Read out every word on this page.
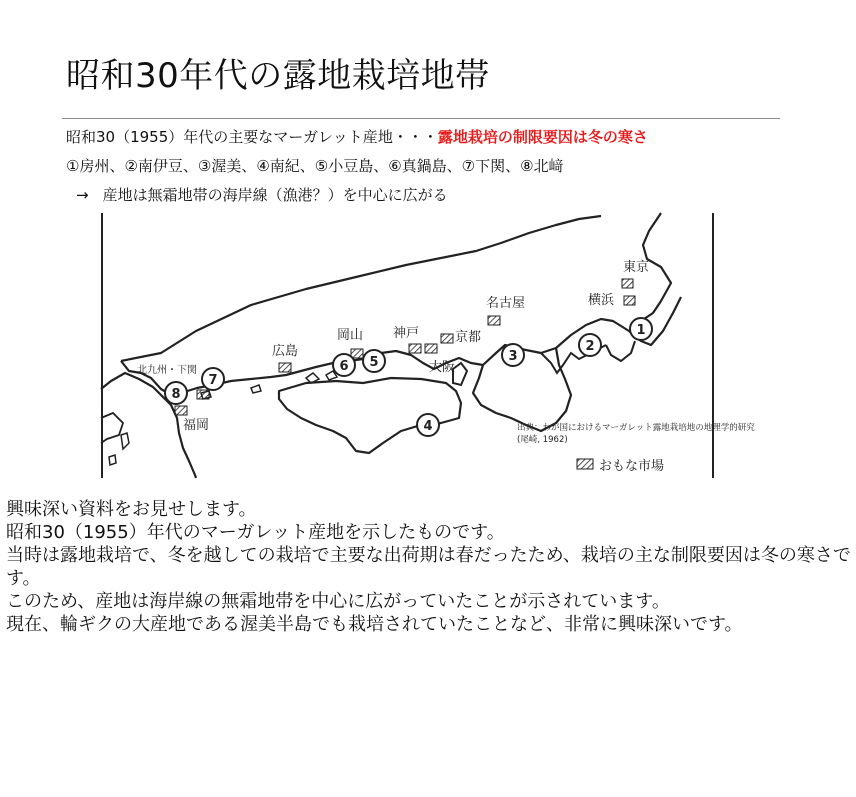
昭和30年代の露地栽培地帯
昭和30（1955）年代の主要なマーガレット産地・・・露地栽培の制限要因は冬の寒さ
①房州、②南伊豆、③渥美、④南紀、⑤小豆島、⑥真鍋島、⑦下関、⑧北﨑
→ 産地は無霜地帯の海岸線（漁港？）を中心に広がる
東京
横浜
名古屋
京都
神戸
大阪
岡山
広島
北九州・下関
福岡
1
2
3
4
5
6
7
8
出典：わが国におけるマーガレット露地栽培地の地理学的研究
(尾崎, 1962)
おもな市場
興味深い資料をお見せします。
昭和30（1955）年代のマーガレット産地を示したものです。
当時は露地栽培で、冬を越しての栽培で主要な出荷期は春だったため、栽培の主な制限要因は冬の寒さです。
このため、産地は海岸線の無霜地帯を中心に広がっていたことが示されています。
現在、輪ギクの大産地である渥美半島でも栽培されていたことなど、非常に興味深いです。
